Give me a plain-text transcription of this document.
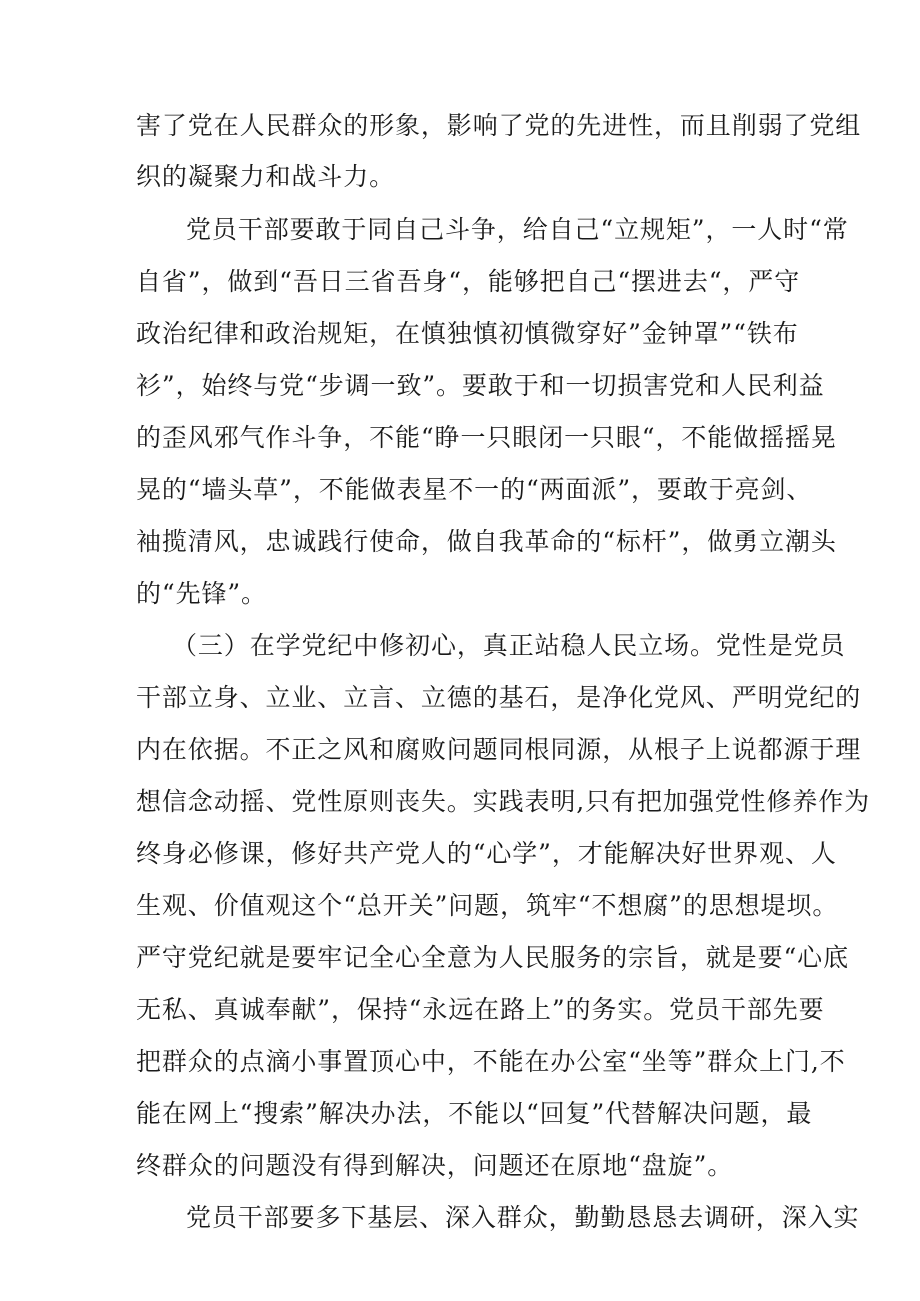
害了党在人民群众的形象，影响了党的先进性，而且削弱了党组
织的凝聚力和战斗力。
党员干部要敢于同自己斗争，给自己“立规矩”，一人时“常
自省”，做到“吾日三省吾身“，能够把自己“摆进去“，严守
政治纪律和政治规矩，在慎独慎初慎微穿好”金钟罩”“铁布
衫”，始终与党“步调一致”。要敢于和一切损害党和人民利益
的歪风邪气作斗争，不能“睁一只眼闭一只眼“，不能做摇摇晃
晃的“墙头草”，不能做表星不一的“两面派”，要敢于亮剑、
袖揽清风，忠诚践行使命，做自我革命的“标杆”，做勇立潮头
的“先锋”。
（三）在学党纪中修初心，真正站稳人民立场。党性是党员
干部立身、立业、立言、立德的基石，是净化党风、严明党纪的
内在依据。不正之风和腐败问题同根同源，从根子上说都源于理
想信念动摇、党性原则丧失。实践表明,只有把加强党性修养作为
终身必修课，修好共产党人的“心学”，才能解决好世界观、人
生观、价值观这个“总开关”问题，筑牢“不想腐”的思想堤坝。
严守党纪就是要牢记全心全意为人民服务的宗旨，就是要“心底
无私、真诚奉献”，保持“永远在路上”的务实。党员干部先要
把群众的点滴小事置顶心中，不能在办公室“坐等”群众上门,不
能在网上“搜索”解决办法，不能以“回复”代替解决问题，最
终群众的问题没有得到解决，问题还在原地“盘旋”。
党员干部要多下基层、深入群众，勤勤恳恳去调研，深入实
